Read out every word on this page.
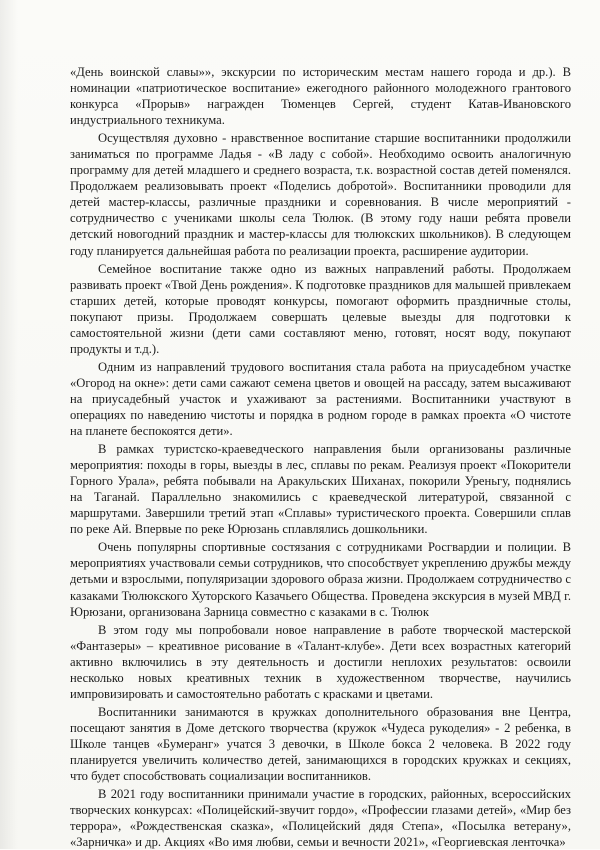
«День воинской славы»», экскурсии по историческим местам нашего города и др.). В номинации «патриотическое воспитание» ежегодного районного молодежного грантового конкурса «Прорыв» награжден Тюменцев Сергей, студент Катав-Ивановского индустриального техникума.

Осуществляя духовно - нравственное воспитание старшие воспитанники продолжили заниматься по программе Ладья - «В ладу с собой». Необходимо освоить аналогичную программу для детей младшего и среднего возраста, т.к. возрастной состав детей поменялся. Продолжаем реализовывать проект «Поделись добротой». Воспитанники проводили для детей мастер-классы, различные праздники и соревнования. В числе мероприятий - сотрудничество с учениками школы села Тюлюк. (В этому году наши ребята провели детский новогодний праздник и мастер-классы для тюлюкских школьников). В следующем году планируется дальнейшая работа по реализации проекта, расширение аудитории.

Семейное воспитание также одно из важных направлений работы. Продолжаем развивать проект «Твой День рождения». К подготовке праздников для малышей привлекаем старших детей, которые проводят конкурсы, помогают оформить праздничные столы, покупают призы. Продолжаем совершать целевые выезды для подготовки к самостоятельной жизни (дети сами составляют меню, готовят, носят воду, покупают продукты и т.д.).

Одним из направлений трудового воспитания стала работа на приусадебном участке «Огород на окне»: дети сами сажают семена цветов и овощей на рассаду, затем высаживают на приусадебный участок и ухаживают за растениями. Воспитанники участвуют в операциях по наведению чистоты и порядка в родном городе в рамках проекта «О чистоте на планете беспокоятся дети».

В рамках туристско-краеведческого направления были организованы различные мероприятия: походы в горы, выезды в лес, сплавы по рекам. Реализуя проект «Покорители Горного Урала», ребята побывали на Аракульских Шиханах, покорили Уреньгу, поднялись на Таганай. Параллельно знакомились с краеведческой литературой, связанной с маршрутами. Завершили третий этап «Сплавы» туристического проекта. Совершили сплав по реке Ай. Впервые по реке Юрюзань сплавлялись дошкольники.

Очень популярны спортивные состязания с сотрудниками Росгвардии и полиции. В мероприятиях участвовали семьи сотрудников, что способствует укреплению дружбы между детьми и взрослыми, популяризации здорового образа жизни. Продолжаем сотрудничество с казаками Тюлюкского Хуторского Казачьего Общества. Проведена экскурсия в музей МВД г. Юрюзани, организована Зарница совместно с казаками в с. Тюлюк

В этом году мы попробовали новое направление в работе творческой мастерской «Фантазеры» – креативное рисование в «Талант-клубе». Дети всех возрастных категорий активно включились в эту деятельность и достигли неплохих результатов: освоили несколько новых креативных техник в художественном творчестве, научились импровизировать и самостоятельно работать с красками и цветами.

Воспитанники занимаются в кружках дополнительного образования вне Центра, посещают занятия в Доме детского творчества (кружок «Чудеса рукоделия» - 2 ребенка, в Школе танцев «Бумеранг» учатся 3 девочки, в Школе бокса 2 человека. В 2022 году планируется увеличить количество детей, занимающихся в городских кружках и секциях, что будет способствовать социализации воспитанников.

В 2021 году воспитанники принимали участие в городских, районных, всероссийских творческих конкурсах: «Полицейский-звучит гордо», «Профессии глазами детей», «Мир без террора», «Рождественская сказка», «Полицейский дядя Степа», «Посылка ветерану», «Зарничка» и др. Акциях «Во имя любви, семьи и вечности 2021», «Георгиевская ленточка»
